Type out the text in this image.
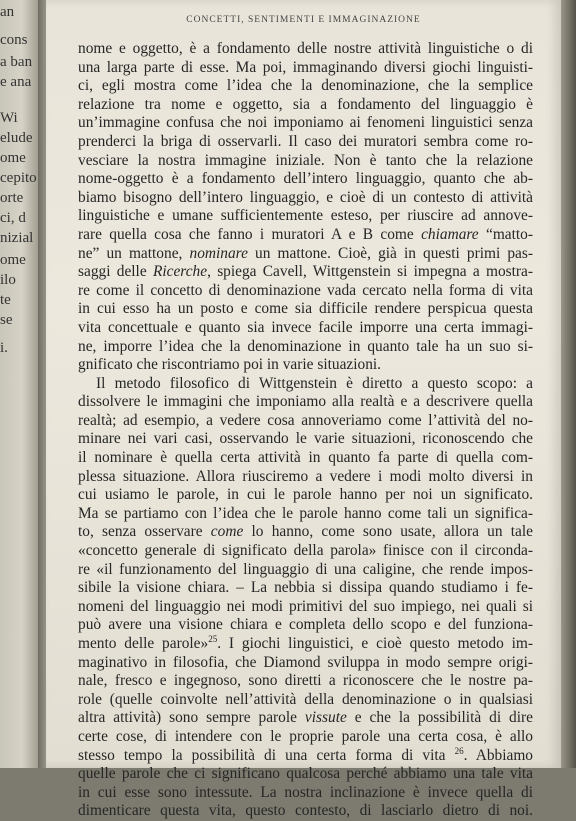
an
cons
a ban
e ana
Wi
elude
ome
cepito
orte
ci, d
nizial
ome
ilo
te
se
i.
CONCETTI, SENTIMENTI E IMMAGINAZIONE
nome e oggetto, è a fondamento delle nostre attività linguistiche o di
una larga parte di esse. Ma poi, immaginando diversi giochi linguisti-
ci, egli mostra come l’idea che la denominazione, che la semplice
relazione tra nome e oggetto, sia a fondamento del linguaggio è
un’immagine confusa che noi imponiamo ai fenomeni linguistici senza
prenderci la briga di osservarli. Il caso dei muratori sembra come ro-
vesciare la nostra immagine iniziale. Non è tanto che la relazione
nome-oggetto è a fondamento dell’intero linguaggio, quanto che ab-
biamo bisogno dell’intero linguaggio, e cioè di un contesto di attività
linguistiche e umane sufficientemente esteso, per riuscire ad annove-
rare quella cosa che fanno i muratori A e B come chiamare “matto-
ne” un mattone, nominare un mattone. Cioè, già in questi primi pas-
saggi delle Ricerche, spiega Cavell, Wittgenstein si impegna a mostra-
re come il concetto di denominazione vada cercato nella forma di vita
in cui esso ha un posto e come sia difficile rendere perspicua questa
vita concettuale e quanto sia invece facile imporre una certa immagi-
ne, imporre l’idea che la denominazione in quanto tale ha un suo si-
gnificato che riscontriamo poi in varie situazioni.
Il metodo filosofico di Wittgenstein è diretto a questo scopo: a
dissolvere le immagini che imponiamo alla realtà e a descrivere quella
realtà; ad esempio, a vedere cosa annoveriamo come l’attività del no-
minare nei vari casi, osservando le varie situazioni, riconoscendo che
il nominare è quella certa attività in quanto fa parte di quella com-
plessa situazione. Allora riusciremo a vedere i modi molto diversi in
cui usiamo le parole, in cui le parole hanno per noi un significato.
Ma se partiamo con l’idea che le parole hanno come tali un significa-
to, senza osservare come lo hanno, come sono usate, allora un tale
«concetto generale di significato della parola» finisce con il circonda-
re «il funzionamento del linguaggio di una caligine, che rende impos-
sibile la visione chiara. – La nebbia si dissipa quando studiamo i fe-
nomeni del linguaggio nei modi primitivi del suo impiego, nei quali si
può avere una visione chiara e completa dello scopo e del funziona-
mento delle parole»$^{25}$. I giochi linguistici, e cioè questo metodo im-
maginativo in filosofia, che Diamond sviluppa in modo sempre origi-
nale, fresco e ingegnoso, sono diretti a riconoscere che le nostre pa-
role (quelle coinvolte nell’attività della denominazione o in qualsiasi
altra attività) sono sempre parole vissute e che la possibilità di dire
certe cose, di intendere con le proprie parole una certa cosa, è allo
stesso tempo la possibilità di una certa forma di vita $^{26}$. Abbiamo
quelle parole che ci significano qualcosa perché abbiamo una tale vita
in cui esse sono intessute. La nostra inclinazione è invece quella di
dimenticare questa vita, questo contesto, di lasciarlo dietro di noi.
